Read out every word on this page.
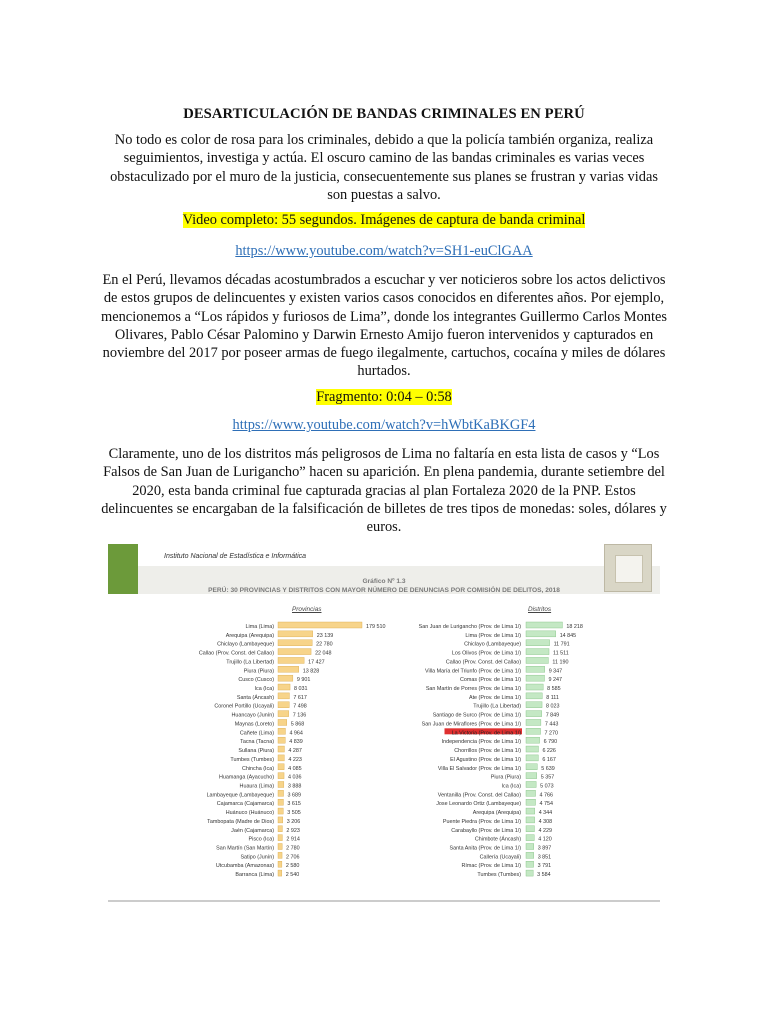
DESARTICULACIÓN DE BANDAS CRIMINALES EN PERÚ

No todo es color de rosa para los criminales, debido a que la policía también organiza, realiza seguimientos, investiga y actúa. El oscuro camino de las bandas criminales es varias veces obstaculizado por el muro de la justicia, consecuentemente sus planes se frustran y varias vidas son puestas a salvo.

Video completo: 55 segundos. Imágenes de captura de banda criminal
https://www.youtube.com/watch?v=SH1-euClGAA

En el Perú, llevamos décadas acostumbrados a escuchar y ver noticieros sobre los actos delictivos de estos grupos de delincuentes y existen varios casos conocidos en diferentes años. Por ejemplo, mencionemos a “Los rápidos y furiosos de Lima”, donde los integrantes Guillermo Carlos Montes Olivares, Pablo César Palomino y Darwin Ernesto Amijo fueron intervenidos y capturados en noviembre del 2017 por poseer armas de fuego ilegalmente, cartuchos, cocaína y miles de dólares hurtados.

Fragmento: 0:04 – 0:58
https://www.youtube.com/watch?v=hWbtKaBKGF4

Claramente, uno de los distritos más peligrosos de Lima no faltaría en esta lista de casos y “Los Falsos de San Juan de Lurigancho” hacen su aparición. En plena pandemia, durante setiembre del 2020, esta banda criminal fue capturada gracias al plan Fortaleza 2020 de la PNP. Estos delincuentes se encargaban de la falsificación de billetes de tres tipos de monedas: soles, dólares y euros.

Instituto Nacional de Estadística e Informática
Gráfico Nº 1.3
PERÚ: 30 PROVINCIAS Y DISTRITOS CON MAYOR NÚMERO DE DENUNCIAS POR COMISIÓN DE DELITOS, 2018
Provincias	Distritos
Lima (Lima)	179 510
Arequipa (Arequipa)	23 139
Chiclayo (Lambayeque)	22 780
Callao (Prov. Const. del Callao)	22 048
Trujillo (La Libertad)	17 427
Piura (Piura)	13 828
Cusco (Cusco)	9 901
Ica (Ica)	8 031
Santa (Áncash)	7 617
Coronel Portillo (Ucayali)	7 498
Huancayo (Junín)	7 136
Maynas (Loreto)	5 868
Cañete (Lima)	4 964
Tacna (Tacna)	4 839
Sullana (Piura)	4 287
Tumbes (Tumbes)	4 223
Chincha (Ica)	4 085
Huamanga (Ayacucho)	4 036
Huaura (Lima)	3 888
Lambayeque (Lambayeque)	3 689
Cajamarca (Cajamarca) 3 615
Huánuco (Huánuco) 3 505
Tambopata (Madre de Dios) 3 206
Jaén (Cajamarca) 2 923
Pisco (Ica) 2 914
San Martín (San Martín) 2 780
Satipo (Junín) 2 706
Utcubamba (Amazonas) 2 580
Barranca (Lima) 2 540
San Juan de Lurigancho (Prov. de Lima 1/)	18 218
Lima (Prov. de Lima 1/)	14 845
Chiclayo (Lambayeque)	11 791
Los Olivos (Prov. de Lima 1/)	11 511
Callao (Prov. Const. del Callao)	11 190
Villa María del Triunfo (Prov. de Lima 1/)	9 347
Comas (Prov. de Lima 1/)	9 247
San Martín de Porres (Prov. de Lima 1/)	8 585
Ate (Prov. de Lima 1/)	8 111
Trujillo (La Libertad)	8 023
Santiago de Surco (Prov. de Lima 1/)	7 849
San Juan de Miraflores (Prov. de Lima 1/)	7 443
La Victoria (Prov. de Lima 1/)	7 270
Independencia (Prov. de Lima 1/)	6 790
Chorrillos (Prov. de Lima 1/)	6 226
El Agustino (Prov. de Lima 1/)	6 167
Villa El Salvador (Prov. de Lima 1/)	5 639
Piura (Piura)	5 357
Ica (Ica)	5 073
Ventanilla (Prov. Const. del Callao)	4 766
Jose Leonardo Ortiz (Lambayeque)	4 754
Arequipa (Arequipa)	4 344
Puente Piedra (Prov. de Lima 1/)	4 308
Carabayllo (Prov. de Lima 1/)	4 229
Chimbote (Áncash)	4 120
Santa Anita (Prov. de Lima 1/)	3 897
Callería (Ucayali)	3 851
Rímac (Prov. de Lima 1/)	3 791
Tumbes (Tumbes)	3 584
